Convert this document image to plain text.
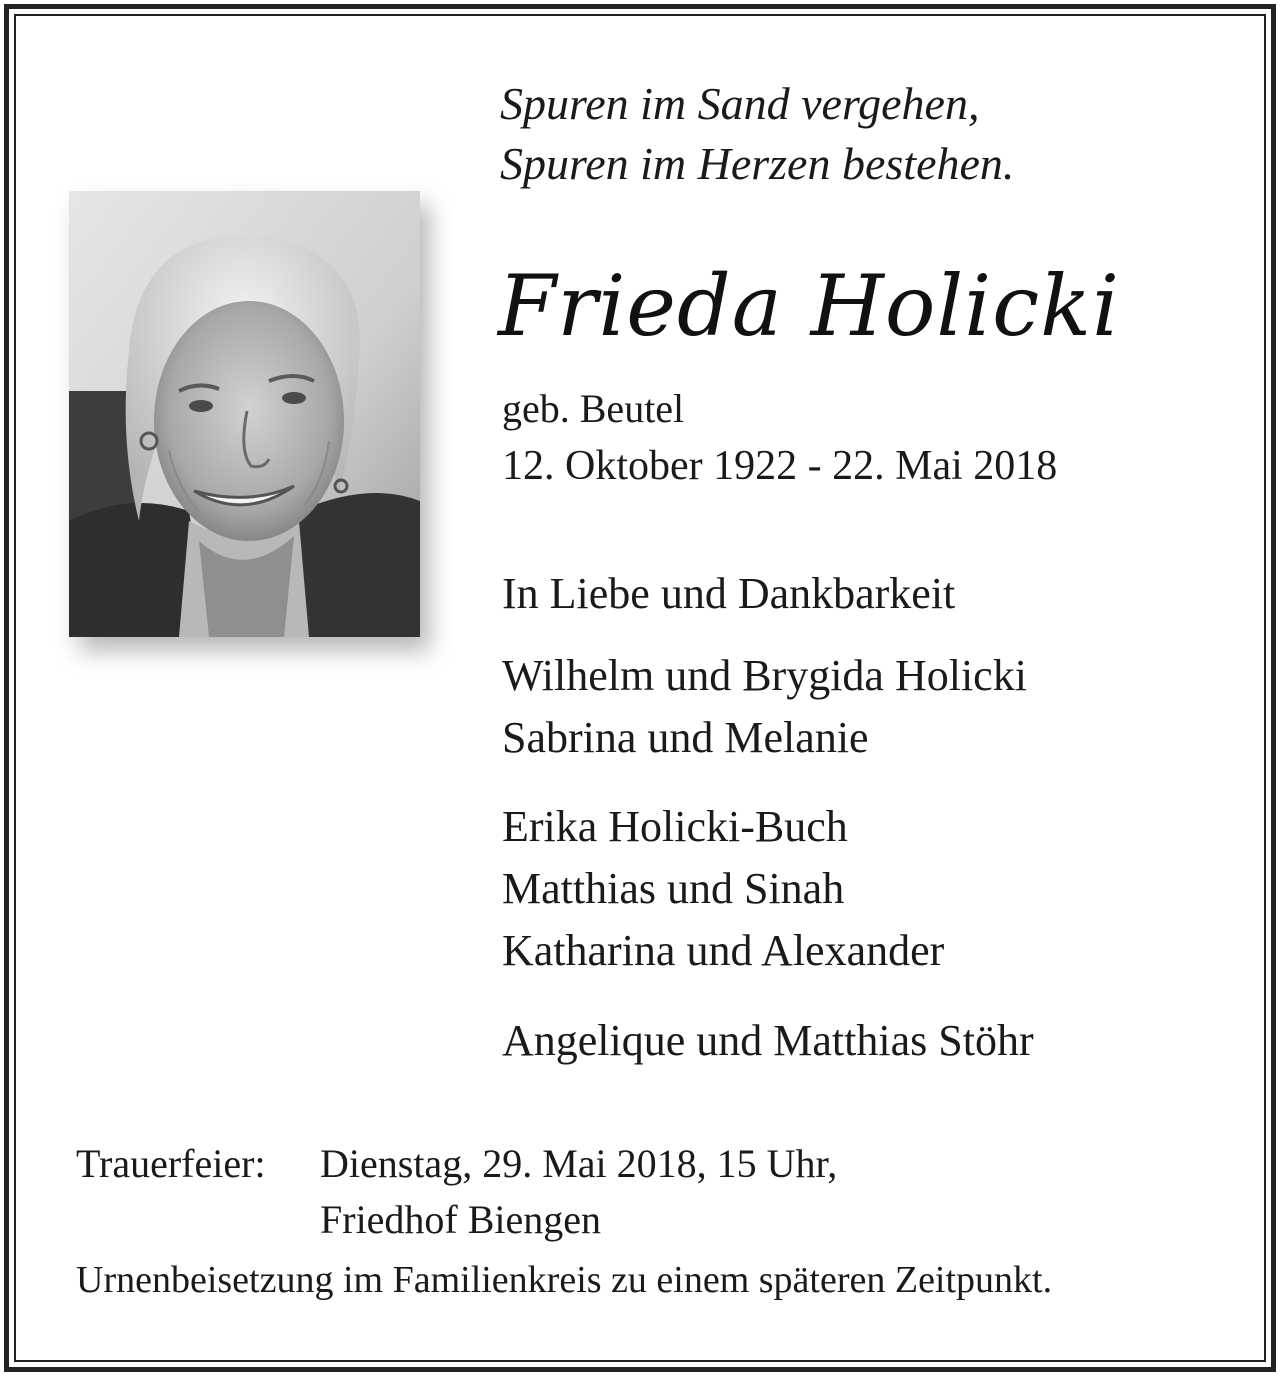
Spuren im Sand vergehen,
Spuren im Herzen bestehen.
Frieda Holicki
geb. Beutel
12. Oktober 1922 - 22. Mai 2018
In Liebe und Dankbarkeit
Wilhelm und Brygida Holicki
Sabrina und Melanie
Erika Holicki-Buch
Matthias und Sinah
Katharina und Alexander
Angelique und Matthias Stöhr
Trauerfeier: Dienstag, 29. Mai 2018, 15 Uhr,
Friedhof Biengen
Urnenbeisetzung im Familienkreis zu einem späteren Zeitpunkt.
